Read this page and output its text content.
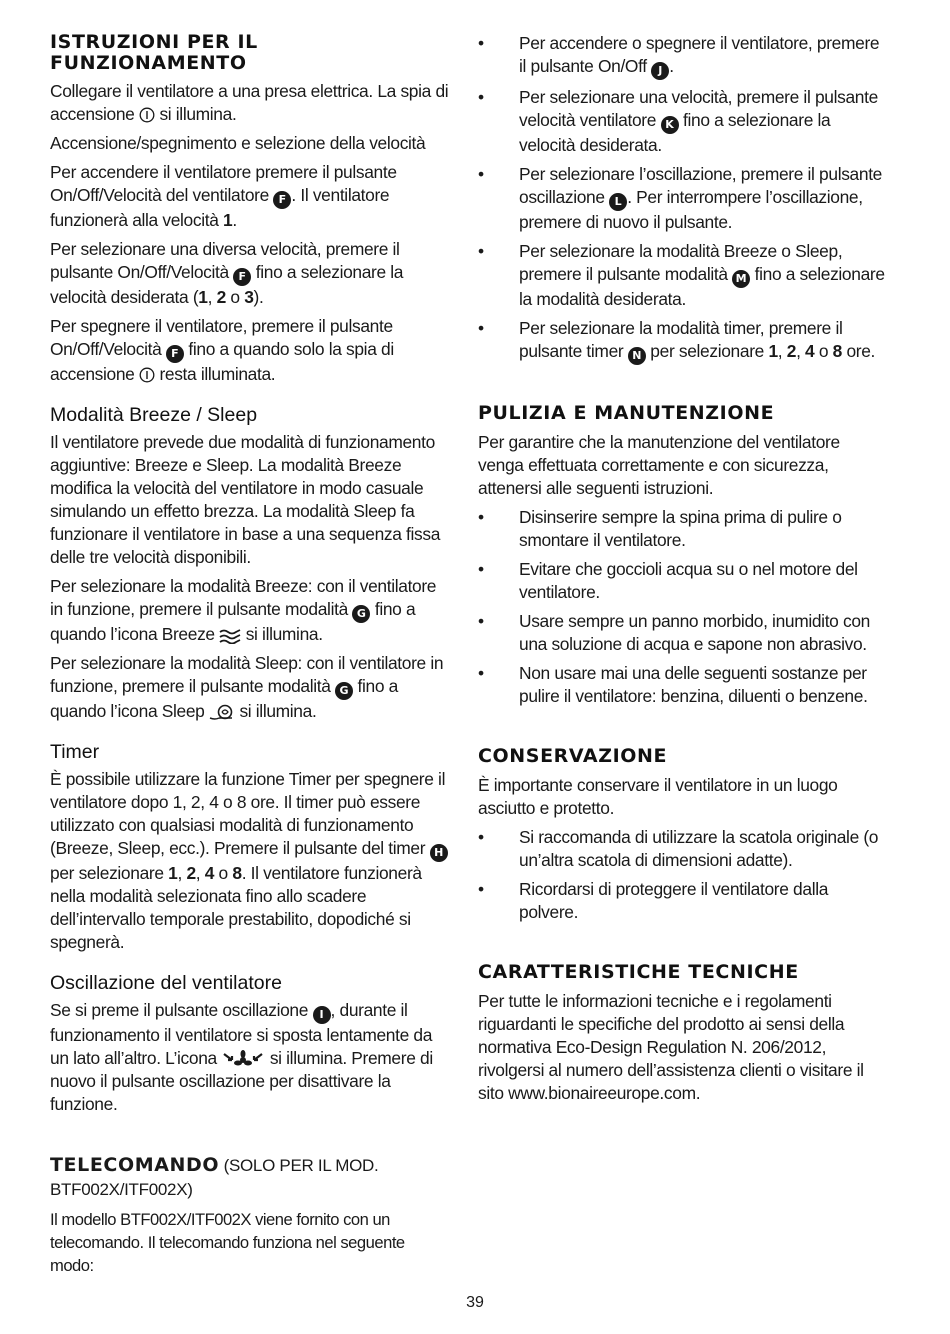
ISTRUZIONI PER IL FUNZIONAMENTO

Collegare il ventilatore a una presa elettrica. La spia di accensione  si illumina.

Accensione/spegnimento e selezione della velocità

Per accendere il ventilatore premere il pulsante On/Off/Velocità del ventilatore F . Il ventilatore funzionerà alla velocità 1.

Per selezionare una diversa velocità, premere il pulsante On/Off/Velocità F fino a selezionare la velocità desiderata (1, 2 o 3).

Per spegnere il ventilatore, premere il pulsante On/Off/Velocità F fino a quando solo la spia di accensione  resta illuminata.

Modalità Breeze / Sleep

Il ventilatore prevede due modalità di funzionamento aggiuntive: Breeze e Sleep. La modalità Breeze modifica la velocità del ventilatore in modo casuale simulando un effetto brezza. La modalità Sleep fa funzionare il ventilatore in base a una sequenza fissa delle tre velocità disponibili.

Per selezionare la modalità Breeze: con il ventilatore in funzione, premere il pulsante modalità G fino a quando l’icona Breeze  si illumina.

Per selezionare la modalità Sleep: con il ventilatore in funzione, premere il pulsante modalità G fino a quando l’icona Sleep  si illumina.

Timer

È possibile utilizzare la funzione Timer per spegnere il ventilatore dopo 1, 2, 4 o 8 ore. Il timer può essere utilizzato con qualsiasi modalità di funzionamento (Breeze, Sleep, ecc.). Premere il pulsante del timer H per selezionare 1, 2, 4 o 8. Il ventilatore funzionerà nella modalità selezionata fino allo scadere dell’intervallo temporale prestabilito, dopodiché si spegnerà.

Oscillazione del ventilatore

Se si preme il pulsante oscillazione I , durante il funzionamento il ventilatore si sposta lentamente da un lato all’altro. L’icona	si illumina. Premere di nuovo il pulsante oscillazione per disattivare la funzione.

TELECOMANDO (SOLO PER IL MOD. BTF002X/ITF002X)

Il modello BTF002X/ITF002X viene fornito con un telecomando. Il telecomando funziona nel seguente modo:

• Per accendere o spegnere il ventilatore, premere il pulsante On/Off J .
• Per selezionare una velocità, premere il pulsante velocità ventilatore K fino a selezionare la velocità desiderata.
• Per selezionare l’oscillazione, premere il pulsante oscillazione L . Per interrompere l’oscillazione, premere di nuovo il pulsante.
• Per selezionare la modalità Breeze o Sleep, premere il pulsante modalità M fino a selezionare la modalità desiderata.
• Per selezionare la modalità timer, premere il pulsante timer N per selezionare 1, 2, 4 o 8 ore.
PULIZIA E MANUTENZIONE

Per garantire che la manutenzione del ventilatore venga effettuata correttamente e con sicurezza, attenersi alle seguenti istruzioni.

• Disinserire sempre la spina prima di pulire o smontare il ventilatore.
• Evitare che goccioli acqua su o nel motore del ventilatore.
• Usare sempre un panno morbido, inumidito con una soluzione di acqua e sapone non abrasivo.
• Non usare mai una delle seguenti sostanze per pulire il ventilatore: benzina, diluenti o benzene.
CONSERVAZIONE

È importante conservare il ventilatore in un luogo asciutto e protetto.

• Si raccomanda di utilizzare la scatola originale (o un’altra scatola di dimensioni adatte).
• Ricordarsi di proteggere il ventilatore dalla polvere.
CARATTERISTICHE TECNICHE

Per tutte le informazioni tecniche e i regolamenti riguardanti le specifiche del prodotto ai sensi della normativa Eco-Design Regulation N. 206/2012, rivolgersi al numero dell’assistenza clienti o visitare il sito www.bionaireeurope.com.

39
